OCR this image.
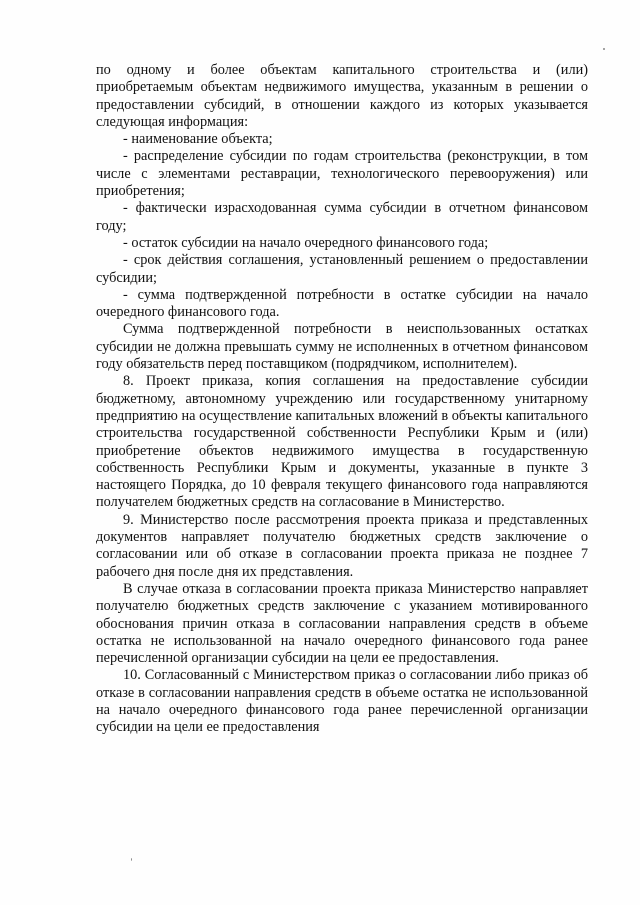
по одному и более объектам капитального строительства и (или) приобретаемым объектам недвижимого имущества, указанным в решении о предоставлении субсидий, в отношении каждого из которых указывается следующая информация:

- наименование объекта;

- распределение субсидии по годам строительства (реконструкции, в том числе с элементами реставрации, технологического перевооружения) или приобретения;

- фактически израсходованная сумма субсидии в отчетном финансовом году;

- остаток субсидии на начало очередного финансового года;

- срок действия соглашения, установленный решением о предоставлении субсидии;

- сумма подтвержденной потребности в остатке субсидии на начало очередного финансового года.

Сумма подтвержденной потребности в неиспользованных остатках субсидии не должна превышать сумму не исполненных в отчетном финансовом году обязательств перед поставщиком (подрядчиком, исполнителем).

8. Проект приказа, копия соглашения на предоставление субсидии бюджетному, автономному учреждению или государственному унитарному предприятию на осуществление капитальных вложений в объекты капитального строительства государственной собственности Республики Крым и (или) приобретение объектов недвижимого имущества в государственную собственность Республики Крым и документы, указанные в пункте 3 настоящего Порядка, до 10 февраля текущего финансового года направляются получателем бюджетных средств на согласование в Министерство.

9. Министерство после рассмотрения проекта приказа и представленных документов направляет получателю бюджетных средств заключение о согласовании или об отказе в согласовании проекта приказа не позднее 7 рабочего дня после дня их представления.

В случае отказа в согласовании проекта приказа Министерство направляет получателю бюджетных средств заключение с указанием мотивированного обоснования причин отказа в согласовании направления средств в объеме остатка не использованной на начало очередного финансового года ранее перечисленной организации субсидии на цели ее предоставления.

10. Согласованный с Министерством приказ о согласовании либо приказ об отказе в согласовании направления средств в объеме остатка не использованной на начало очередного финансового года ранее перечисленной организации субсидии на цели ее предоставления
